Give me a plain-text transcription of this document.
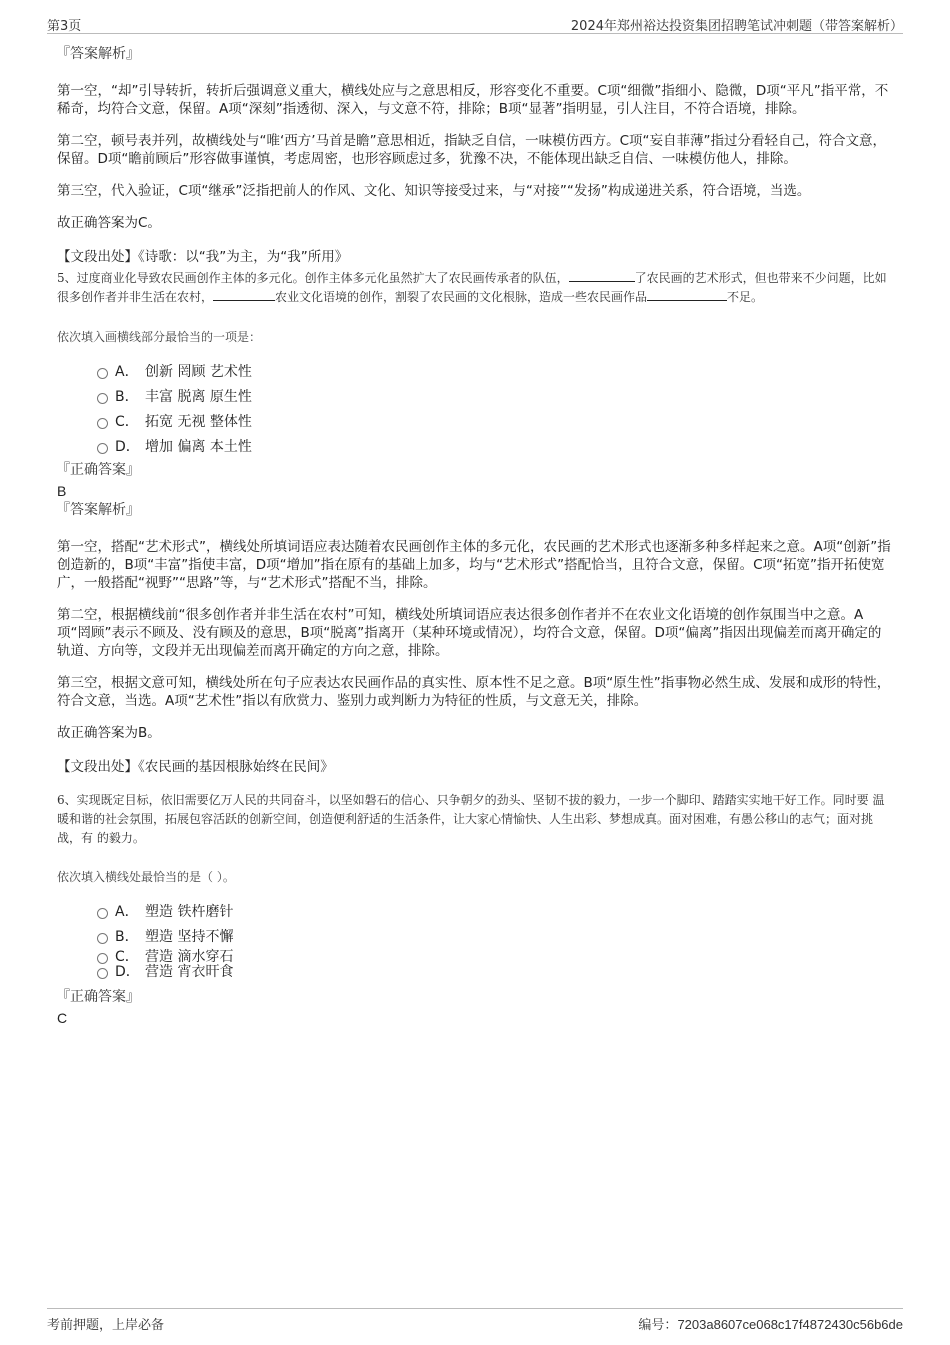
第3页	2024年郑州裕达投资集团招聘笔试冲刺题（带答案解析）
『答案解析』
第一空，“却”引导转折，转折后强调意义重大，横线处应与之意思相反，形容变化不重要。C项“细微”指细小、隐微，D项“平凡”指平常，不稀奇，均符合文意，保留。A项“深刻”指透彻、深入，与文意不符，排除；B项“显著”指明显，引人注目，不符合语境，排除。
第二空，顿号表并列，故横线处与“唯‘西方’马首是瞻”意思相近，指缺乏自信，一味模仿西方。C项“妄自菲薄”指过分看轻自己，符合文意，保留。D项“瞻前顾后”形容做事谨慎，考虑周密，也形容顾虑过多，犹豫不决，不能体现出缺乏自信、一味模仿他人，排除。
第三空，代入验证，C项“继承”泛指把前人的作风、文化、知识等接受过来，与“对接”“发扬”构成递进关系，符合语境，当选。
故正确答案为C。
【文段出处】《诗歌：以“我”为主，为“我”所用》
5、过度商业化导致农民画创作主体的多元化。创作主体多元化虽然扩大了农民画传承者的队伍，	了农民画的艺术形式，但也带来不少问题，比如很多创作者并非生活在农村，	农业文化语境的创作，割裂了农民画的文化根脉，造成一些农民画作品	不足。
依次填入画横线部分最恰当的一项是：
A． 创新 罔顾 艺术性
B． 丰富 脱离 原生性
C． 拓宽 无视 整体性
D． 增加 偏离 本土性
『正确答案』
B
『答案解析』
第一空，搭配“艺术形式”，横线处所填词语应表达随着农民画创作主体的多元化，农民画的艺术形式也逐渐多种多样起来之意。A项“创新”指创造新的，B项“丰富”指使丰富，D项“增加”指在原有的基础上加多，均与“艺术形式”搭配恰当，且符合文意，保留。C项“拓宽”指开拓使宽广，一般搭配“视野”“思路”等，与“艺术形式”搭配不当，排除。
第二空，根据横线前“很多创作者并非生活在农村”可知，横线处所填词语应表达很多创作者并不在农业文化语境的创作氛围当中之意。A项“罔顾”表示不顾及、没有顾及的意思，B项“脱离”指离开（某种环境或情况），均符合文意，保留。D项“偏离”指因出现偏差而离开确定的轨道、方向等，文段并无出现偏差而离开确定的方向之意，排除。
第三空，根据文意可知，横线处所在句子应表达农民画作品的真实性、原本性不足之意。B项“原生性”指事物必然生成、发展和成形的特性，符合文意，当选。A项“艺术性”指以有欣赏力、鉴别力或判断力为特征的性质，与文意无关，排除。
故正确答案为B。
【文段出处】《农民画的基因根脉始终在民间》
6、实现既定目标，依旧需要亿万人民的共同奋斗，以坚如磐石的信心、只争朝夕的劲头、坚韧不拔的毅力，一步一个脚印、踏踏实实地干好工作。同时要 温暖和谐的社会氛围，拓展包容活跃的创新空间，创造便利舒适的生活条件，让大家心情愉快、人生出彩、梦想成真。面对困难，有愚公移山的志气；面对挑战，有 的毅力。
依次填入横线处最恰当的是（ ）。
A． 塑造 铁杵磨针
B． 塑造 坚持不懈
C． 营造 滴水穿石
D． 营造 宵衣旰食
『正确答案』
C
考前押题，上岸必备	编号：7203a8607ce068c17f4872430c56b6de
